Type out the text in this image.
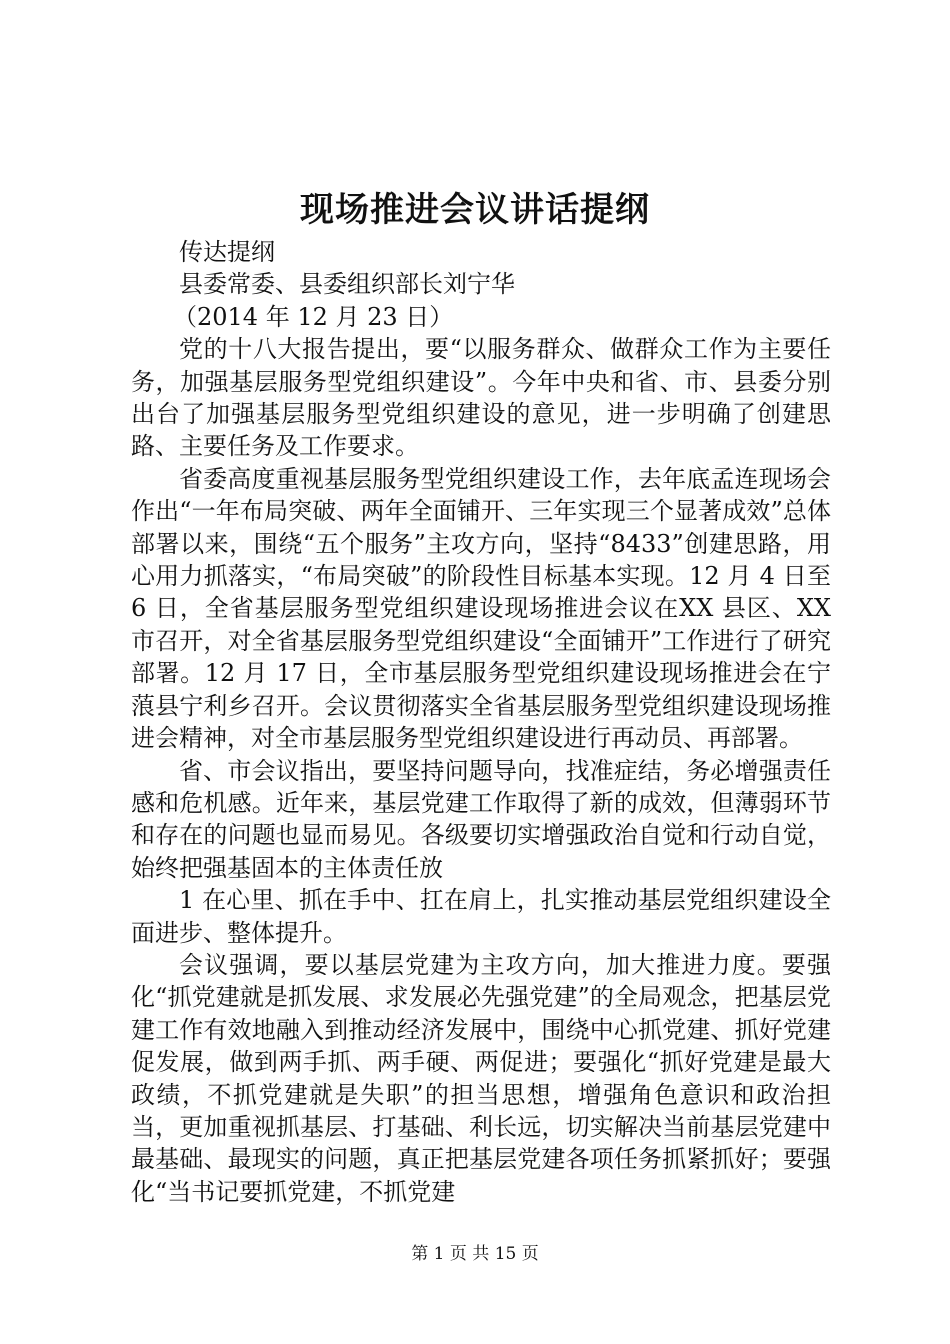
现场推进会议讲话提纲

传达提纲

县委常委、县委组织部长刘宁华

（2014 年 12 月 23 日）

党的十八大报告提出，要“以服务群众、做群众工作为主要任务，加强基层服务型党组织建设”。今年中央和省、市、县委分别出台了加强基层服务型党组织建设的意见，进一步明确了创建思路、主要任务及工作要求。

省委高度重视基层服务型党组织建设工作，去年底孟连现场会作出“一年布局突破、两年全面铺开、三年实现三个显著成效”总体部署以来，围绕“五个服务”主攻方向，坚持“8433”创建思路，用心用力抓落实，“布局突破”的阶段性目标基本实现。12 月 4 日至 6 日，全省基层服务型党组织建设现场推进会议在XX 县区、XX 市召开，对全省基层服务型党组织建设“全面铺开”工作进行了研究部署。12 月 17 日，全市基层服务型党组织建设现场推进会在宁蒗县宁利乡召开。会议贯彻落实全省基层服务型党组织建设现场推进会精神，对全市基层服务型党组织建设进行再动员、再部署。

省、市会议指出，要坚持问题导向，找准症结，务必增强责任感和危机感。近年来，基层党建工作取得了新的成效，但薄弱环节和存在的问题也显而易见。各级要切实增强政治自觉和行动自觉，始终把强基固本的主体责任放

1 在心里、抓在手中、扛在肩上，扎实推动基层党组织建设全面进步、整体提升。

会议强调，要以基层党建为主攻方向，加大推进力度。要强化“抓党建就是抓发展、求发展必先强党建”的全局观念，把基层党建工作有效地融入到推动经济发展中，围绕中心抓党建、抓好党建促发展，做到两手抓、两手硬、两促进；要强化“抓好党建是最大政绩，不抓党建就是失职”的担当思想，增强角色意识和政治担当，更加重视抓基层、打基础、利长远，切实解决当前基层党建中最基础、最现实的问题，真正把基层党建各项任务抓紧抓好；要强化“当书记要抓党建，不抓党建

第 1 页 共 15 页
